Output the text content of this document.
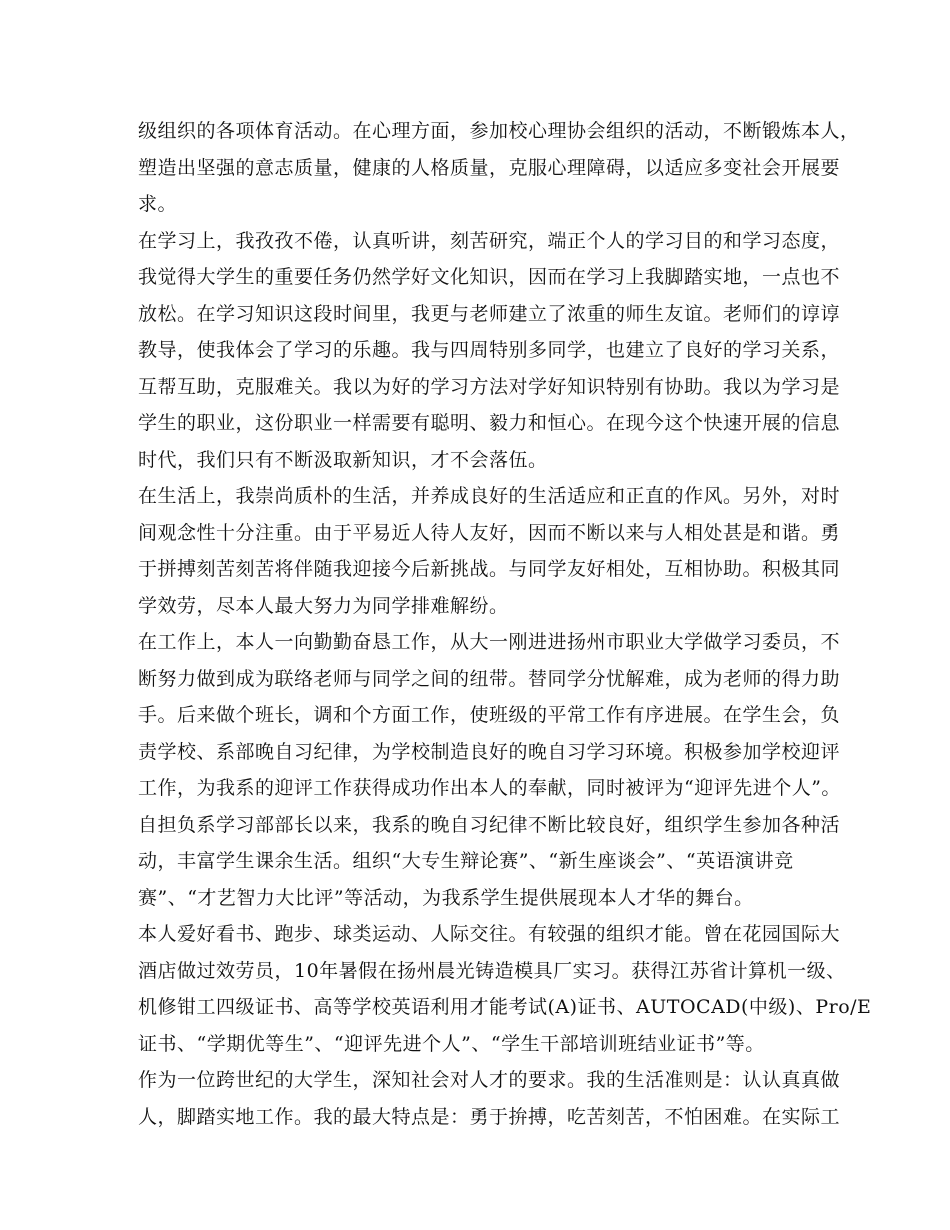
级组织的各项体育活动。在心理方面，参加校心理协会组织的活动，不断锻炼本人，
塑造出坚强的意志质量，健康的人格质量，克服心理障碍，以适应多变社会开展要
求。
在学习上，我孜孜不倦，认真听讲，刻苦研究，端正个人的学习目的和学习态度，
我觉得大学生的重要任务仍然学好文化知识，因而在学习上我脚踏实地，一点也不
放松。在学习知识这段时间里，我更与老师建立了浓重的师生友谊。老师们的谆谆
教导，使我体会了学习的乐趣。我与四周特别多同学，也建立了良好的学习关系，
互帮互助，克服难关。我以为好的学习方法对学好知识特别有协助。我以为学习是
学生的职业，这份职业一样需要有聪明、毅力和恒心。在现今这个快速开展的信息
时代，我们只有不断汲取新知识，才不会落伍。
在生活上，我崇尚质朴的生活，并养成良好的生活适应和正直的作风。另外，对时
间观念性十分注重。由于平易近人待人友好，因而不断以来与人相处甚是和谐。勇
于拼搏刻苦刻苦将伴随我迎接今后新挑战。与同学友好相处，互相协助。积极其同
学效劳，尽本人最大努力为同学排难解纷。
在工作上，本人一向勤勤奋恳工作，从大一刚进进扬州市职业大学做学习委员，不
断努力做到成为联络老师与同学之间的纽带。替同学分忧解难，成为老师的得力助
手。后来做个班长，调和个方面工作，使班级的平常工作有序进展。在学生会，负
责学校、系部晚自习纪律，为学校制造良好的晚自习学习环境。积极参加学校迎评
工作，为我系的迎评工作获得成功作出本人的奉献，同时被评为“迎评先进个人”。
自担负系学习部部长以来，我系的晚自习纪律不断比较良好，组织学生参加各种活
动，丰富学生课余生活。组织“大专生辩论赛”、“新生座谈会”、“英语演讲竞
赛”、“才艺智力大比评”等活动，为我系学生提供展现本人才华的舞台。
本人爱好看书、跑步、球类运动、人际交往。有较强的组织才能。曾在花园国际大
酒店做过效劳员，10年暑假在扬州晨光铸造模具厂实习。获得江苏省计算机一级、
机修钳工四级证书、高等学校英语利用才能考试(A)证书、AUTOCAD(中级)、Pro/E
证书、“学期优等生”、“迎评先进个人”、“学生干部培训班结业证书”等。
作为一位跨世纪的大学生，深知社会对人才的要求。我的生活准则是：认认真真做
人，脚踏实地工作。我的最大特点是：勇于拚搏，吃苦刻苦，不怕困难。在实际工
